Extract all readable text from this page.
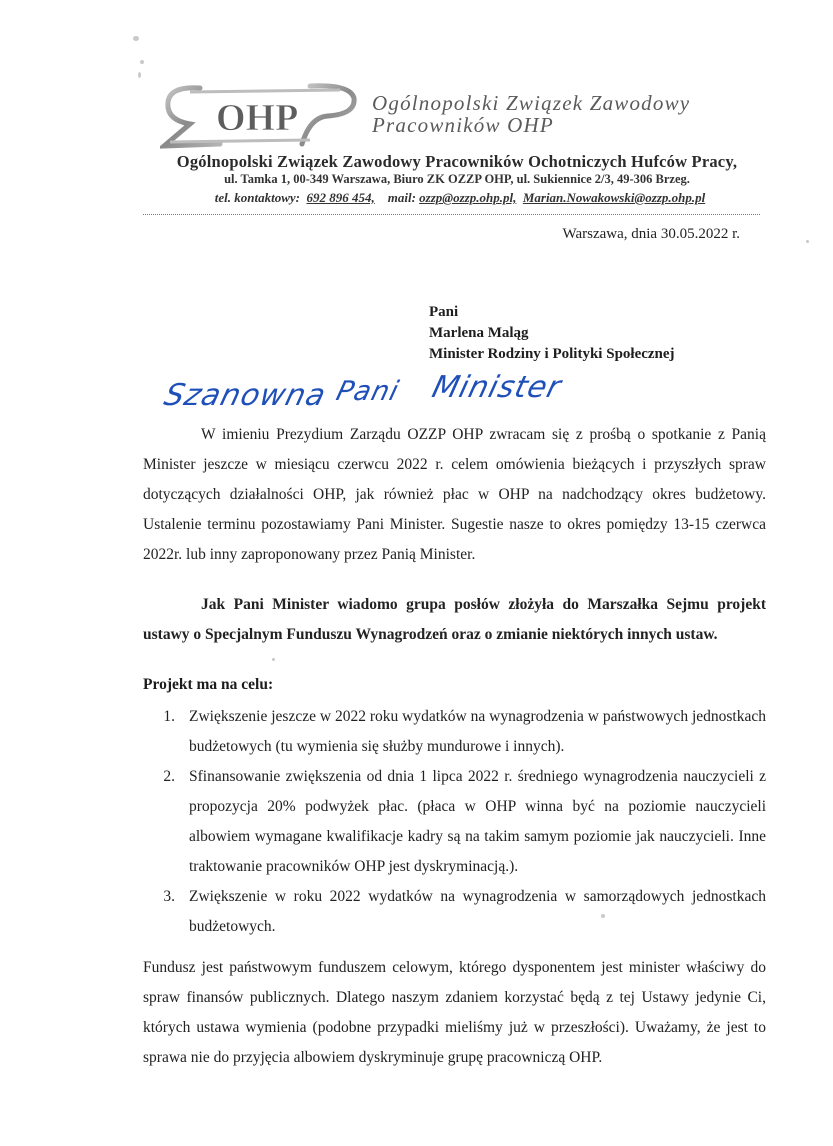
OHP	Ogólnopolski Związek Zawodowy
Pracowników OHP
Ogólnopolski Związek Zawodowy Pracowników Ochotniczych Hufców Pracy,
ul. Tamka 1, 00-349 Warszawa, Biuro ZK OZZP OHP, ul. Sukiennice 2/3, 49-306 Brzeg.
tel. kontaktowy: 692 896 454, mail: ozzp@ozzp.ohp.pl, Marian.Nowakowski@ozzp.ohp.pl
Warszawa, dnia 30.05.2022 r.
Pani
Marlena Maląg
Minister Rodziny i Polityki Społecznej
Szanowna Pani Minister
W imieniu Prezydium Zarządu OZZP OHP zwracam się z prośbą o spotkanie z Panią Minister jeszcze w miesiącu czerwcu 2022 r. celem omówienia bieżących i przyszłych spraw dotyczących działalności OHP, jak również płac w OHP na nadchodzący okres budżetowy. Ustalenie terminu pozostawiamy Pani Minister. Sugestie nasze to okres pomiędzy 13-15 czerwca 2022r. lub inny zaproponowany przez Panią Minister.
Jak Pani Minister wiadomo grupa posłów złożyła do Marszałka Sejmu projekt ustawy o Specjalnym Funduszu Wynagrodzeń oraz o zmianie niektórych innych ustaw.
Projekt ma na celu:
1. Zwiększenie jeszcze w 2022 roku wydatków na wynagrodzenia w państwowych jednostkach budżetowych (tu wymienia się służby mundurowe i innych).
2. Sfinansowanie zwiększenia od dnia 1 lipca 2022 r. średniego wynagrodzenia nauczycieli z propozycja 20% podwyżek płac. (płaca w OHP winna być na poziomie nauczycieli albowiem wymagane kwalifikacje kadry są na takim samym poziomie jak nauczycieli. Inne traktowanie pracowników OHP jest dyskryminacją.).
3. Zwiększenie w roku 2022 wydatków na wynagrodzenia w samorządowych jednostkach budżetowych.
Fundusz jest państwowym funduszem celowym, którego dysponentem jest minister właściwy do spraw finansów publicznych. Dlatego naszym zdaniem korzystać będą z tej Ustawy jedynie Ci, których ustawa wymienia (podobne przypadki mieliśmy już w przeszłości). Uważamy, że jest to sprawa nie do przyjęcia albowiem dyskryminuje grupę pracowniczą OHP.
